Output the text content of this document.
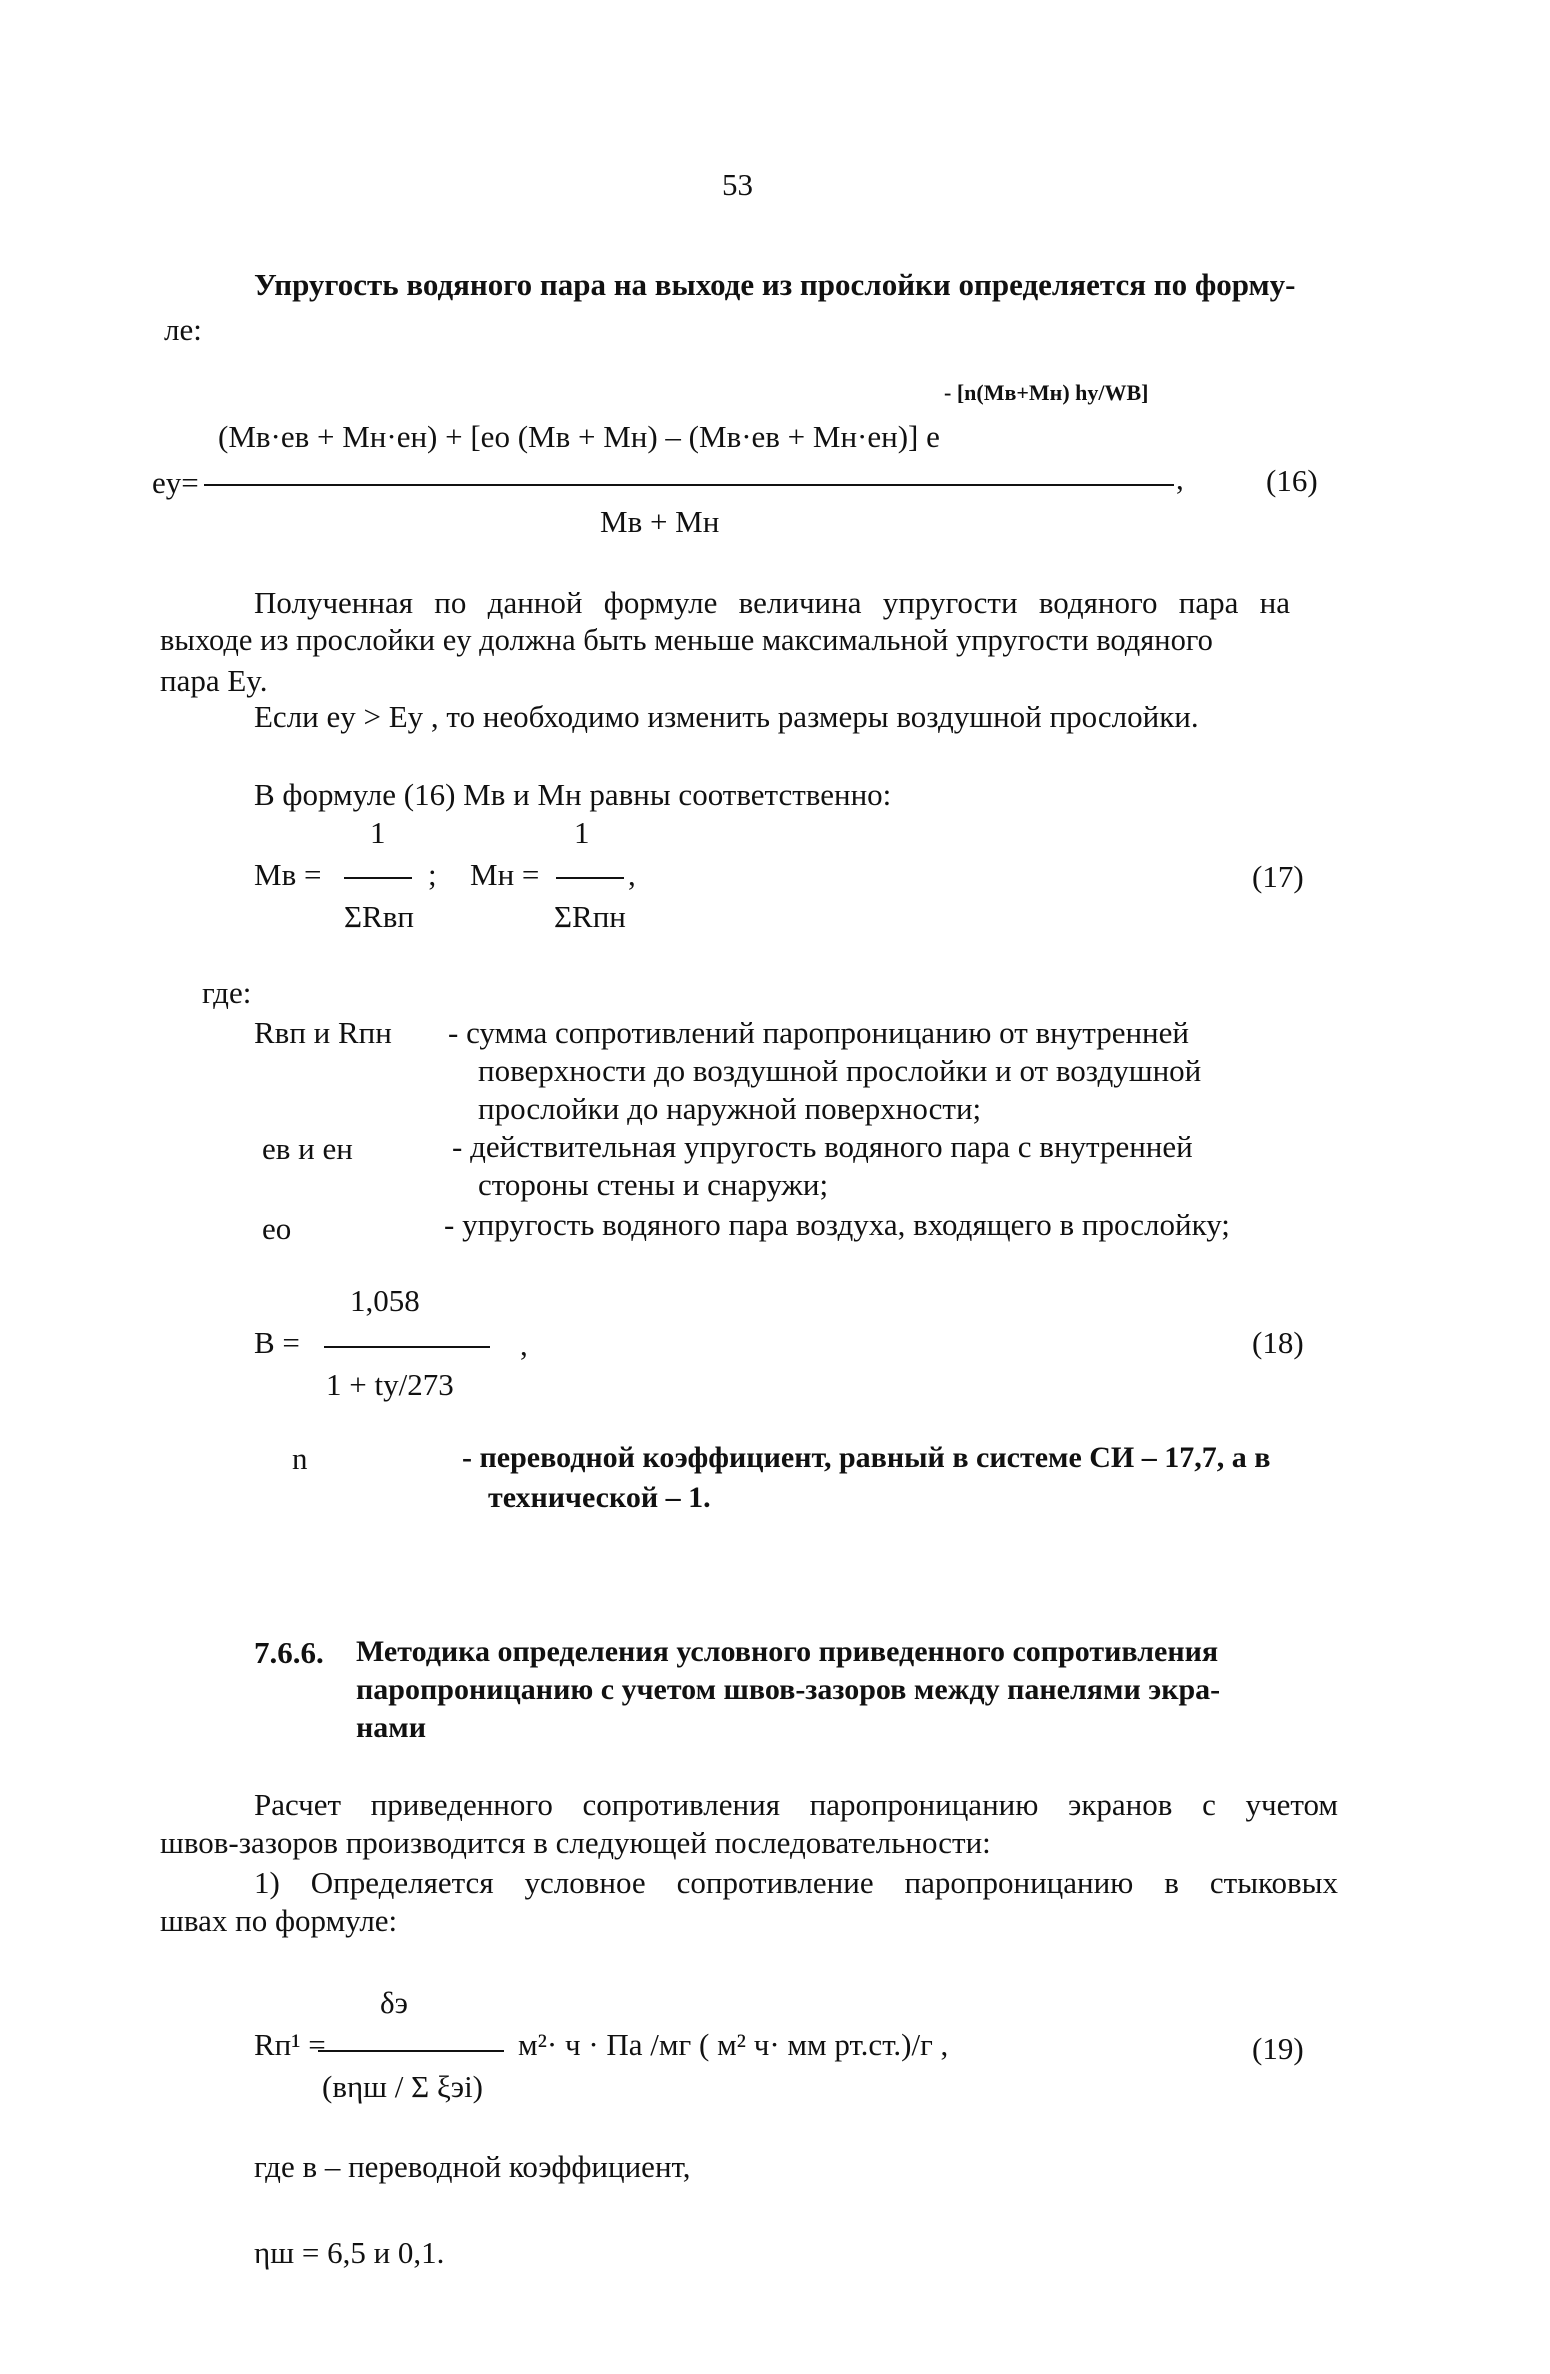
53
Упругость водяного пара на выходе из прослойки определяется по форму-
ле:
- [n(Mв+Mн) hу/WB]
(Mв·eв + Mн·eн) + [eo (Mв + Mн) – (Mв·eв + Mн·eн)] e
ey=	,	(16)
Mв + Mн
Полученная по данной формуле величина упругости водяного пара на
выходе из прослойки ey должна быть меньше максимальной упругости водяного
пара Ey.
Если ey > Ey , то необходимо изменить размеры воздушной прослойки.
В формуле (16) Mв и Mн равны соответственно:
1
Mв =	;
ΣRвп
1
Mн =	,
ΣRпн
(17)
где:
Rвп и Rпн - сумма сопротивлений паропроницанию от внутренней
поверхности до воздушной прослойки и от воздушной
прослойки до наружной поверхности;
eв и eн	- действительная упругость водяного пара с внутренней
стороны стены и снаружи;
eo	- упругость водяного пара воздуха, входящего в прослойку;
1,058
B =	,
1 + ty/273
(18)
n	- переводной коэффициент, равный в системе СИ – 17,7, а в
технической – 1.
7.6.6. Методика определения условного приведенного сопротивления
паропроницанию с учетом швов-зазоров между панелями экра-
нами
Расчет приведенного сопротивления паропроницанию экранов с учетом
швов-зазоров производится в следующей последовательности:
1) Определяется условное сопротивление паропроницанию в стыковых
швах по формуле:
δэ
Rп¹ =	м²· ч · Па /мг ( м² ч· мм рт.ст.)/г ,	(19)
(вηш / Σ ξэi)
где в – переводной коэффициент,
ηш = 6,5 и 0,1.
